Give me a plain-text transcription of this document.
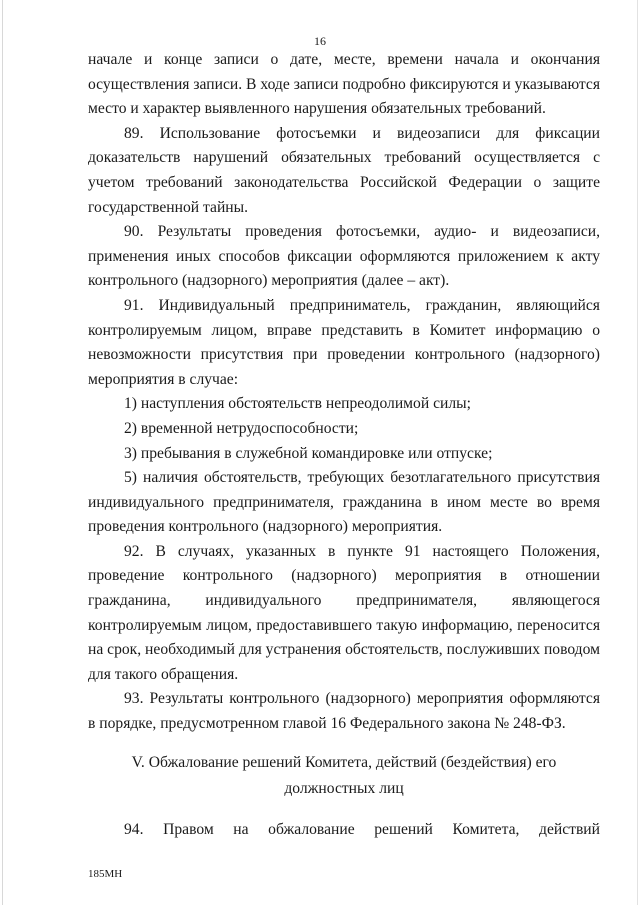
16

начале и конце записи о дате, месте, времени начала и окончания осуществления записи. В ходе записи подробно фиксируются и указываются место и характер выявленного нарушения обязательных требований.

89. Использование фотосъемки и видеозаписи для фиксации доказательств нарушений обязательных требований осуществляется с учетом требований законодательства Российской Федерации о защите государственной тайны.

90. Результаты проведения фотосъемки, аудио- и видеозаписи, применения иных способов фиксации оформляются приложением к акту контрольного (надзорного) мероприятия (далее – акт).

91. Индивидуальный предприниматель, гражданин, являющийся контролируемым лицом, вправе представить в Комитет информацию о невозможности присутствия при проведении контрольного (надзорного) мероприятия в случае:

1) наступления обстоятельств непреодолимой силы;

2) временной нетрудоспособности;

3) пребывания в служебной командировке или отпуске;

5) наличия обстоятельств, требующих безотлагательного присутствия индивидуального предпринимателя, гражданина в ином месте во время проведения контрольного (надзорного) мероприятия.

92. В случаях, указанных в пункте 91 настоящего Положения, проведение контрольного (надзорного) мероприятия в отношении гражданина, индивидуального предпринимателя, являющегося контролируемым лицом, предоставившего такую информацию, переносится на срок, необходимый для устранения обстоятельств, послуживших поводом для такого обращения.

93. Результаты контрольного (надзорного) мероприятия оформляются в порядке, предусмотренном главой 16 Федерального закона № 248-ФЗ.

V. Обжалование решений Комитета, действий (бездействия) его
должностных лиц

94. Правом на обжалование решений Комитета, действий

185МН
